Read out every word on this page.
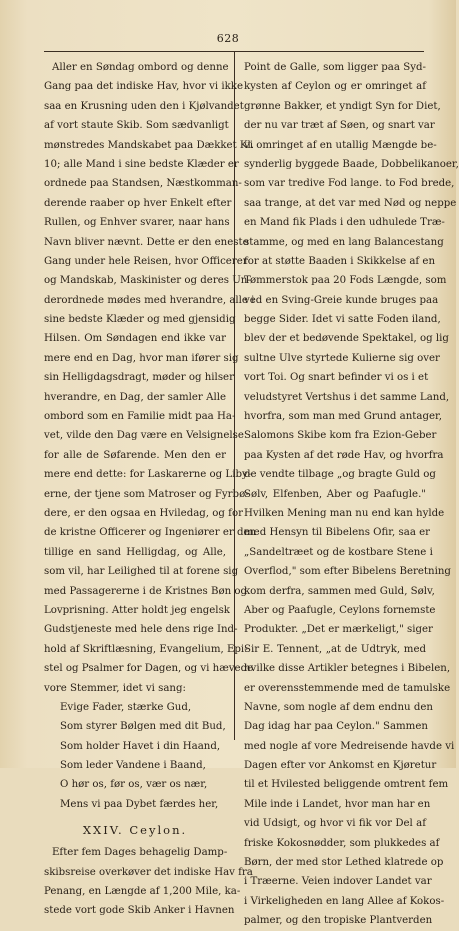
628
Aller en Søndag ombord og denne
Gang paa det indiske Hav, hvor vi ikke
saa en Krusning uden den i Kjølvandet
af vort staute Skib. Som sædvanligt
mønstredes Mandskabet paa Dækket Kl.
10; alle Mand i sine bedste Klæder er
ordnede paa Standsen, Næstkomman-
derende raaber op hver Enkelt efter
Rullen, og Enhver svarer, naar hans
Navn bliver nævnt. Dette er den eneste
Gang under hele Reisen, hvor Officerer
og Mandskab, Maskinister og deres Un-
derordnede mødes med hverandre, alle i
sine bedste Klæder og med gjensidig
Hilsen. Om Søndagen end ikke var
mere end en Dag, hvor man ifører sig
sin Helligdagsdragt, møder og hilser
hverandre, en Dag, der samler Alle
ombord som en Familie midt paa Ha-
vet, vilde den Dag være en Velsignelse
for alle de Søfarende. Men den er
mere end dette: for Laskarerne og Liby-
erne, der tjene som Matroser og Fyrbø-
dere, er den ogsaa en Hviledag, og for
de kristne Officerer og Ingeniører er den
tillige en sand Helligdag, og Alle,
som vil, har Leilighed til at forene sig
med Passagererne i de Kristnes Bøn og
Lovprisning. Atter holdt jeg engelsk
Gudstjeneste med hele dens rige Ind-
hold af Skriftlæsning, Evangelium, Epi-
stel og Psalmer for Dagen, og vi hævede
vore Stemmer, idet vi sang:
Evige Fader, stærke Gud,
Som styrer Bølgen med dit Bud,
Som holder Havet i din Haand,
Som leder Vandene i Baand,
O hør os, før os, vær os nær,
Mens vi paa Dybet færdes her,
XXIV. Ceylon.
Efter fem Dages behagelig Damp-
skibsreise overkøver det indiske Hav fra
Penang, en Længde af 1,200 Mile, ka-
stede vort gode Skib Anker i Havnen
Point de Galle, som ligger paa Syd-
kysten af Ceylon og er omringet af
grønne Bakker, et yndigt Syn for Diet,
der nu var træt af Søen, og snart var
vi omringet af en utallig Mængde be-
synderlig byggede Baade, Dobbelikanoer,
som var tredive Fod lange. to Fod brede,
saa trange, at det var med Nød og neppe
en Mand fik Plads i den udhulede Træ-
stamme, og med en lang Balancestang
for at støtte Baaden i Skikkelse af en
Tømmerstok paa 20 Fods Længde, som
ved en Sving-Greie kunde bruges paa
begge Sider. Idet vi satte Foden iland,
blev der et bedøvende Spektakel, og lig
sultne Ulve styrtede Kulierne sig over
vort Toi. Og snart befinder vi os i et
veludstyret Vertshus i det samme Land,
hvorfra, som man med Grund antager,
Salomons Skibe kom fra Ezion-Geber
paa Kysten af det røde Hav, og hvorfra
de vendte tilbage „og bragte Guld og
Sølv, Elfenben, Aber og Paafugle."
Hvilken Mening man nu end kan hylde
med Hensyn til Bibelens Ofir, saa er
„Sandeltræet og de kostbare Stene i
Overflod," som efter Bibelens Beretning
kom derfra, sammen med Guld, Sølv,
Aber og Paafugle, Ceylons fornemste
Produkter. „Det er mærkeligt," siger
Sir E. Tennent, „at de Udtryk, med
hvilke disse Artikler betegnes i Bibelen,
er overensstemmende med de tamulske
Navne, som nogle af dem endnu den
Dag idag har paa Ceylon." Sammen
med nogle af vore Medreisende havde vi
Dagen efter vor Ankomst en Kjøretur
til et Hvilested beliggende omtrent fem
Mile inde i Landet, hvor man har en
vid Udsigt, og hvor vi fik vor Del af
friske Kokosnødder, som plukkedes af
Børn, der med stor Lethed klatrede op
i Træerne. Veien indover Landet var
i Virkeligheden en lang Allee af Kokos-
palmer, og den tropiske Plantverden
